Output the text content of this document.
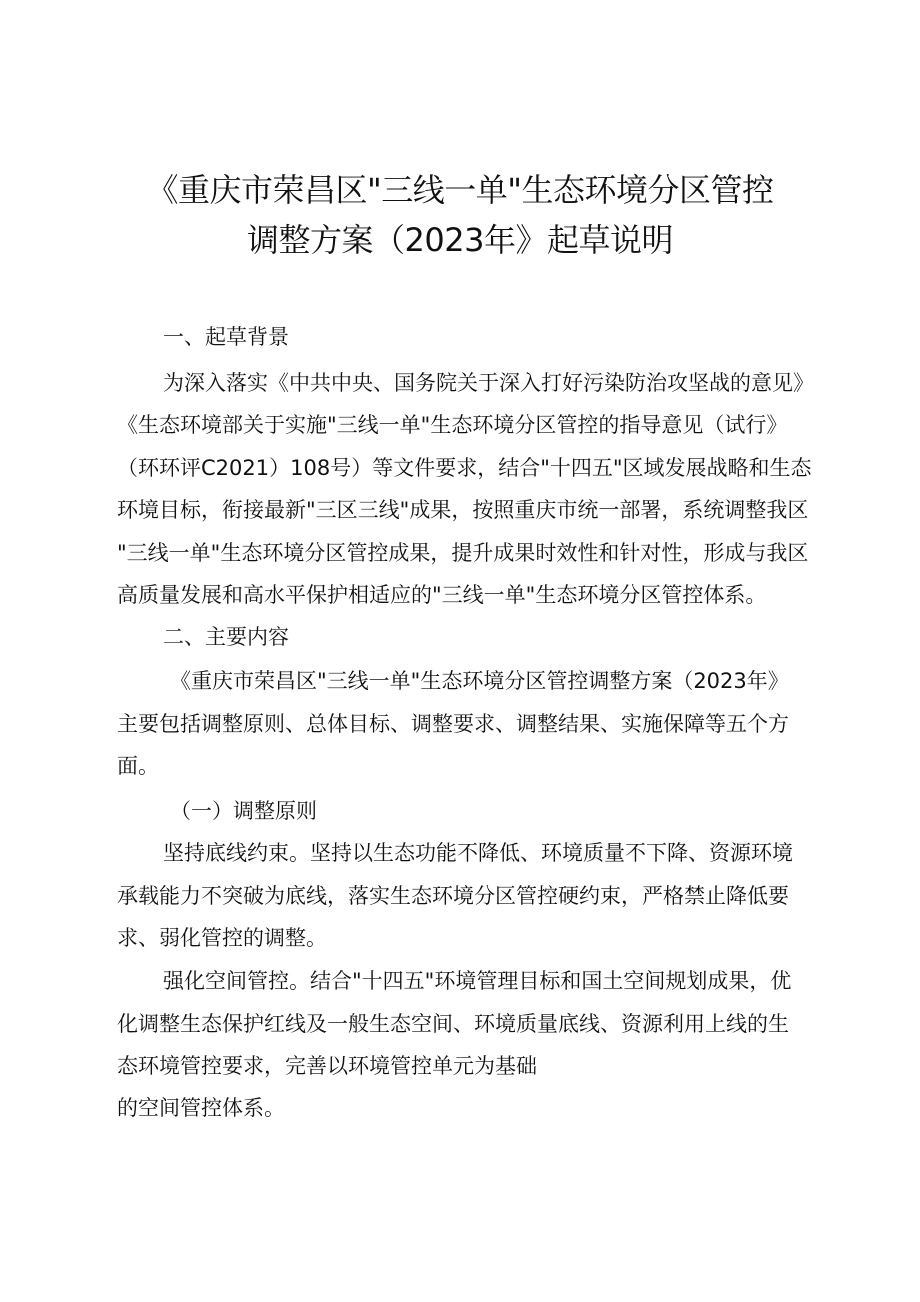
《重庆市荣昌区"三线一单"生态环境分区管控
调整方案（2023年》起草说明
一、起草背景
为深入落实《中共中央、国务院关于深入打好污染防治攻坚战的意见》
《生态环境部关于实施"三线一单"生态环境分区管控的指导意见（试行》
（环环评C2021）108号）等文件要求，结合"十四五"区域发展战略和生态
环境目标，衔接最新"三区三线"成果，按照重庆市统一部署，系统调整我区
"三线一单"生态环境分区管控成果，提升成果时效性和针对性，形成与我区
高质量发展和高水平保护相适应的"三线一单"生态环境分区管控体系。
二、主要内容
《重庆市荣昌区"三线一单"生态环境分区管控调整方案（2023年》
主要包括调整原则、总体目标、调整要求、调整结果、实施保障等五个方
面。
（一）调整原则
坚持底线约束。坚持以生态功能不降低、环境质量不下降、资源环境
承载能力不突破为底线，落实生态环境分区管控硬约束，严格禁止降低要
求、弱化管控的调整。
强化空间管控。结合"十四五"环境管理目标和国土空间规划成果，优
化调整生态保护红线及一般生态空间、环境质量底线、资源利用上线的生
态环境管控要求，完善以环境管控单元为基础
的空间管控体系。
